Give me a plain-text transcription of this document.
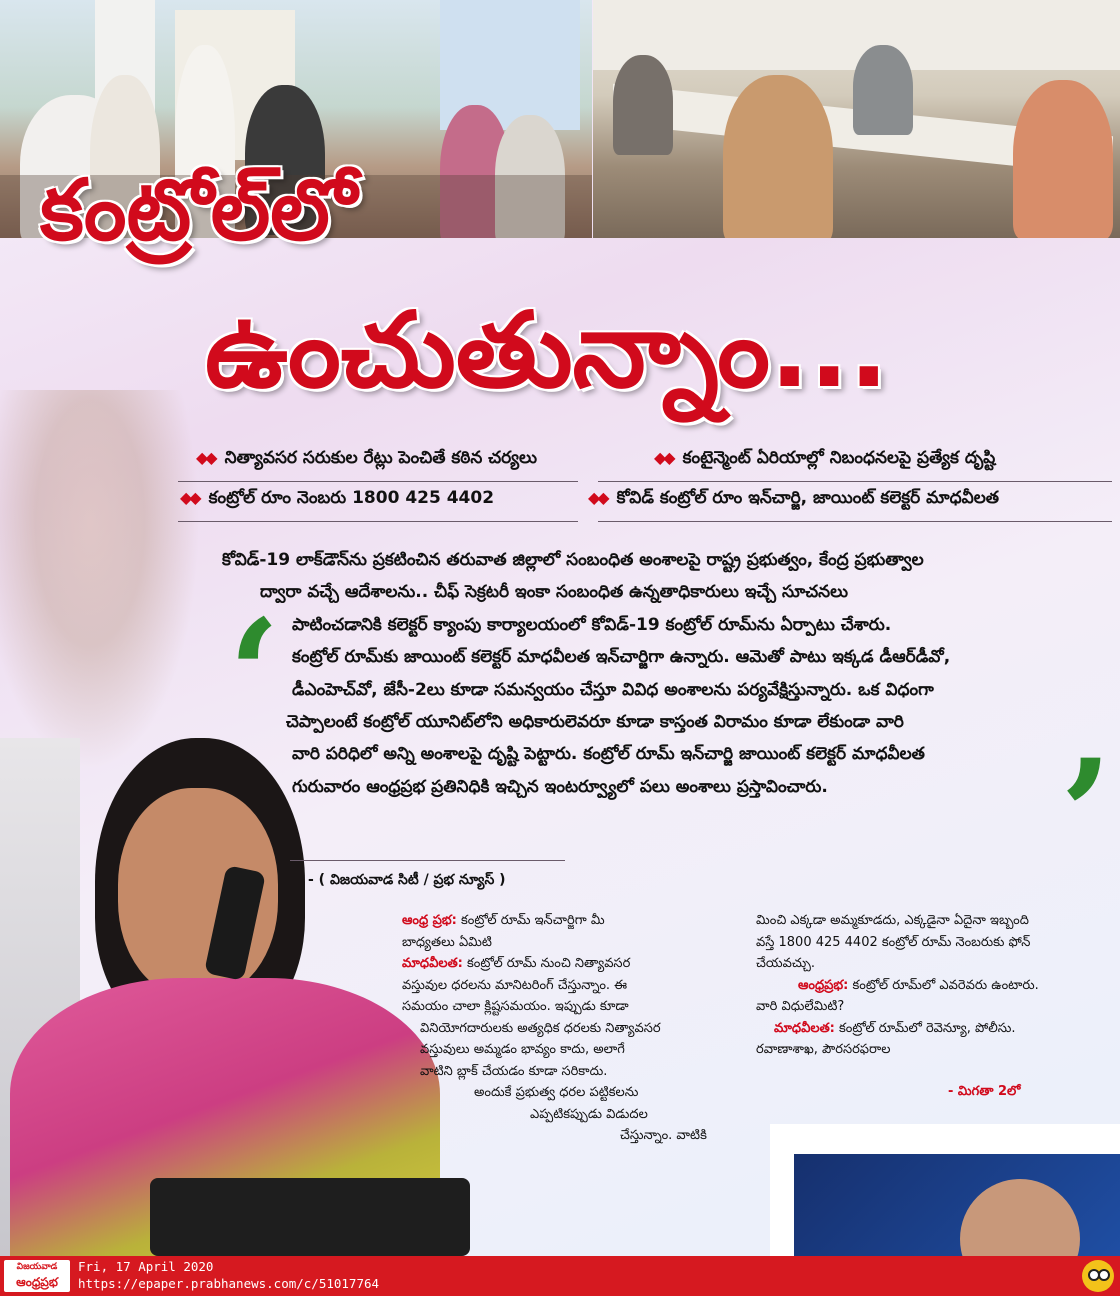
కంట్రోల్‌లో
ఉంచుతున్నాం...
◆◆ నిత్యావసర సరుకుల రేట్లు పెంచితే కఠిన చర్యలు	◆◆ కంటైన్మెంట్ ఏరియాల్లో నిబంధనలపై ప్రత్యేక దృష్టి
◆◆ కంట్రోల్ రూం నెంబరు 1800 425 4402	◆◆ కోవిడ్ కంట్రోల్ రూం ఇన్‌చార్జి, జాయింట్ కలెక్టర్ మాధవీలత
‘
’
కోవిడ్-19 లాక్‌డౌన్‌ను ప్రకటించిన తరువాత జిల్లాలో సంబంధిత అంశాలపై రాష్ట్ర ప్రభుత్వం, కేంద్ర ప్రభుత్వాల
ద్వారా వచ్చే ఆదేశాలను.. చీఫ్ సెక్రటరీ ఇంకా సంబంధిత ఉన్నతాధికారులు ఇచ్చే సూచనలు
పాటించడానికి కలెక్టర్ క్యాంపు కార్యాలయంలో కోవిడ్-19 కంట్రోల్ రూమ్‌ను ఏర్పాటు చేశారు.
కంట్రోల్ రూమ్‌కు జాయింట్ కలెక్టర్ మాధవీలత ఇన్‌చార్జిగా ఉన్నారు. ఆమెతో పాటు ఇక్కడ డీఆర్‌డీవో,
డీఎంహెచ్‌వో, జేసీ-2లు కూడా సమన్వయం చేస్తూ వివిధ అంశాలను పర్యవేక్షిస్తున్నారు. ఒక విధంగా
చెప్పాలంటే కంట్రోల్ యూనిట్‌లోని అధికారులెవరూ కూడా కాస్తంత విరామం కూడా లేకుండా వారి
వారి పరిధిలో అన్ని అంశాలపై దృష్టి పెట్టారు. కంట్రోల్ రూమ్ ఇన్‌చార్జి జాయింట్ కలెక్టర్ మాధవీలత
గురువారం ఆంధ్రప్రభ ప్రతినిధికి ఇచ్చిన ఇంటర్వ్యూలో పలు అంశాలు ప్రస్తావించారు.
- ( విజయవాడ సిటీ / ప్రభ న్యూస్ )
ఆంధ్ర ప్రభ: కంట్రోల్ రూమ్ ఇన్‌చార్జిగా మీ
బాధ్యతలు ఏమిటి
మాధవీలత: కంట్రోల్ రూమ్ నుంచి నిత్యావసర
వస్తువుల ధరలను మానిటరింగ్ చేస్తున్నాం. ఈ
సమయం చాలా క్లిష్టసమయం. ఇప్పుడు కూడా
వినియోగదారులకు అత్యధిక ధరలకు నిత్యావసర
వస్తువులు అమ్మడం భావ్యం కాదు, అలాగే
వాటిని బ్లాక్ చేయడం కూడా సరికాదు.
అందుకే ప్రభుత్వ ధరల పట్టికలను
ఎప్పటికప్పుడు విడుదల
చేస్తున్నాం. వాటికి
మించి ఎక్కడా అమ్మకూడదు, ఎక్కడైనా ఏదైనా ఇబ్బంది
వస్తే 1800 425 4402 కంట్రోల్ రూమ్ నెంబరుకు ఫోన్
చేయవచ్చు.
ఆంధ్రప్రభ: కంట్రోల్ రూమ్‌లో ఎవరెవరు ఉంటారు.
వారి విధులేమిటి?
మాధవీలత: కంట్రోల్ రూమ్‌లో రెవెన్యూ, పోలీసు.
రవాణాశాఖ, పౌరసరఫరాల
- మిగతా 2లో
విజయవాడ
ఆంధ్రప్రభ
Fri, 17 April 2020
https://epaper.prabhanews.com/c/51017764
